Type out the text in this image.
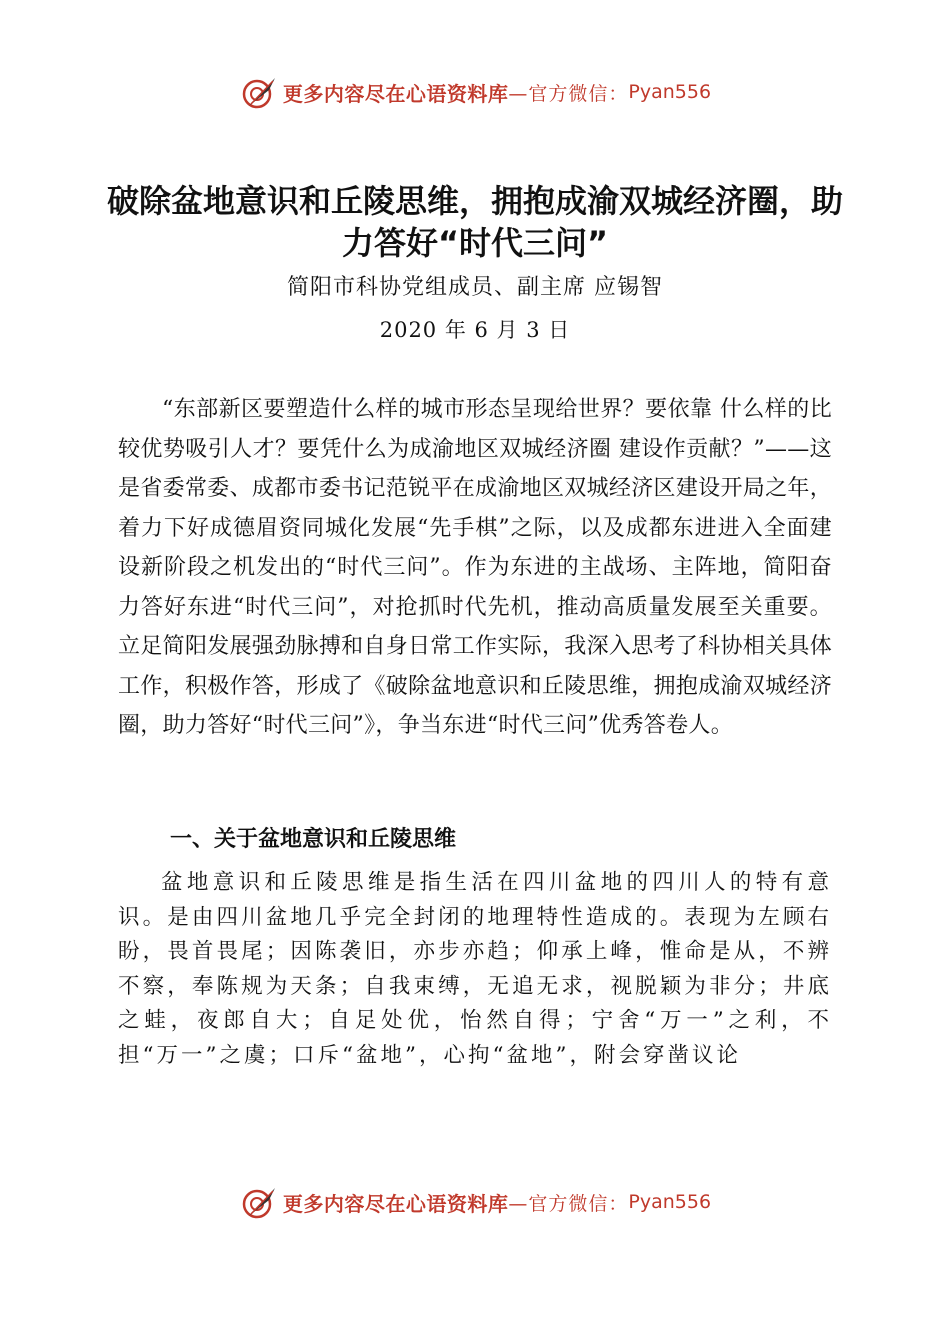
更多内容尽在心语资料库 —官方微信： Pyan556
破除盆地意识和丘陵思维，拥抱成渝双城经济圈，助力答好“时代三问”
简阳市科协党组成员、副主席 应锡智
2020 年 6 月 3 日
“东部新区要塑造什么样的城市形态呈现给世界？要依靠 什么样的比较优势吸引人才？要凭什么为成渝地区双城经济圈 建设作贡献？”——这是省委常委、成都市委书记范锐平在成渝地区双城经济区建设开局之年，着力下好成德眉资同城化发展“先手棋”之际，以及成都东进进入全面建设新阶段之机发出的“时代三问”。作为东进的主战场、主阵地，简阳奋力答好东进“时代三问”，对抢抓时代先机，推动高质量发展至关重要。立足简阳发展强劲脉搏和自身日常工作实际，我深入思考了科协相关具体工作，积极作答，形成了《破除盆地意识和丘陵思维，拥抱成渝双城经济圈，助力答好“时代三问”》，争当东进“时代三问”优秀答卷人。
一、关于盆地意识和丘陵思维
盆地意识和丘陵思维是指生活在四川盆地的四川人的特有意识。是由四川盆地几乎完全封闭的地理特性造成的。表现为左顾右盼，畏首畏尾；因陈袭旧，亦步亦趋；仰承上峰，惟命是从，不辨不察，奉陈规为天条；自我束缚，无追无求，视脱颖为非分；井底之蛙，夜郎自大；自足处优，怡然自得；宁舍“万一”之利，不担“万一”之虞；口斥“盆地”，心拘“盆地”，附会穿凿议论
更多内容尽在心语资料库 —官方微信： Pyan556
